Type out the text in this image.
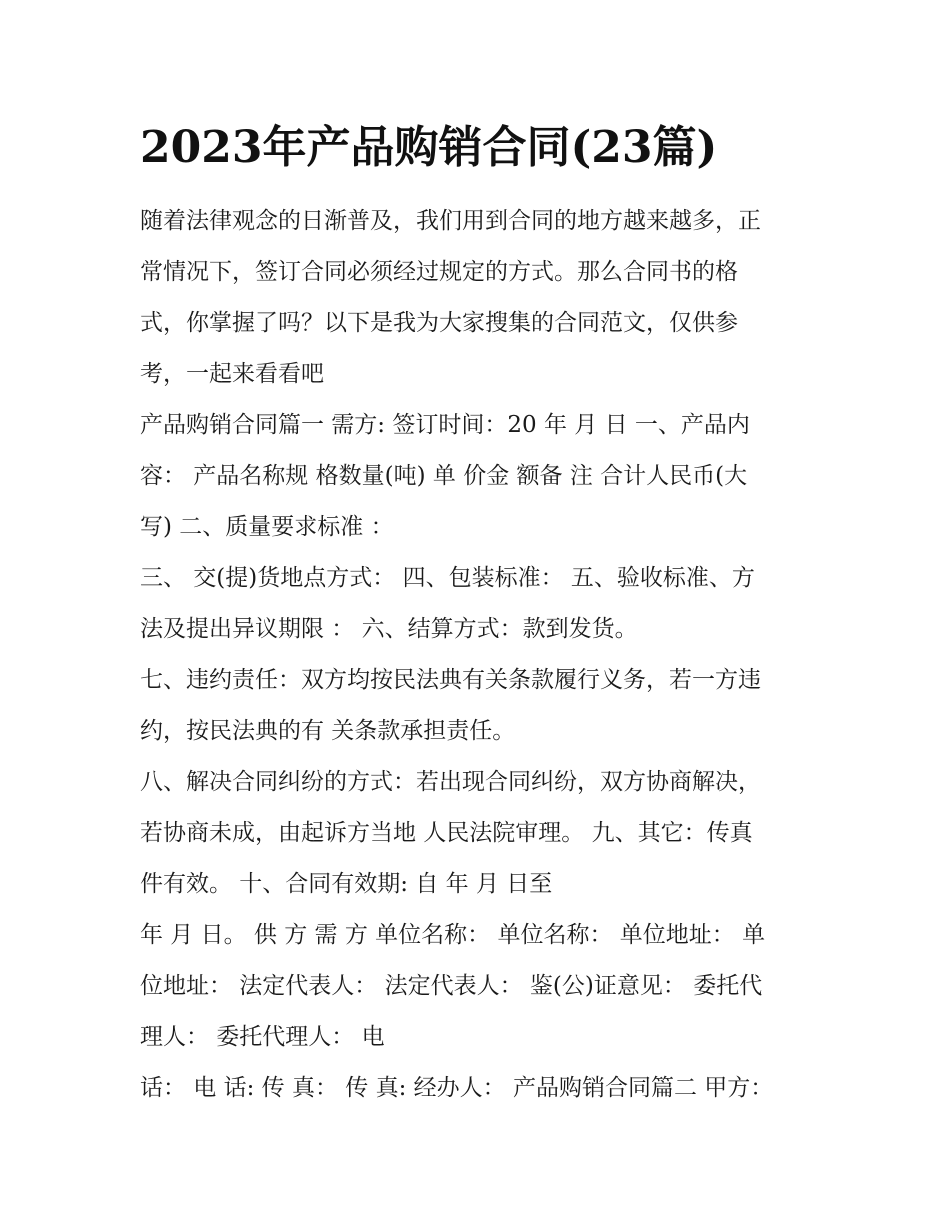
2023年产品购销合同(23篇)
随着法律观念的日渐普及，我们用到合同的地方越来越多，正
常情况下，签订合同必须经过规定的方式。那么合同书的格
式，你掌握了吗？以下是我为大家搜集的合同范文，仅供参
考，一起来看看吧
产品购销合同篇一 需方: 签订时间：20 年 月 日 一、产品内
容： 产品名称规 格数量(吨) 单 价金 额备 注 合计人民币(大
写) 二、质量要求标准 ：
三、 交(提)货地点方式： 四、包装标准： 五、验收标准、方
法及提出异议期限 ： 六、结算方式：款到发货。
七、违约责任：双方均按民法典有关条款履行义务，若一方违
约，按民法典的有 关条款承担责任。
八、解决合同纠纷的方式：若出现合同纠纷，双方协商解决，
若协商未成，由起诉方当地 人民法院审理。 九、其它：传真
件有效。 十、合同有效期: 自 年 月 日至
年 月 日。 供 方 需 方 单位名称： 单位名称： 单位地址： 单
位地址： 法定代表人： 法定代表人： 鉴(公)证意见： 委托代
理人： 委托代理人： 电
话： 电 话: 传 真： 传 真: 经办人： 产品购销合同篇二 甲方：
